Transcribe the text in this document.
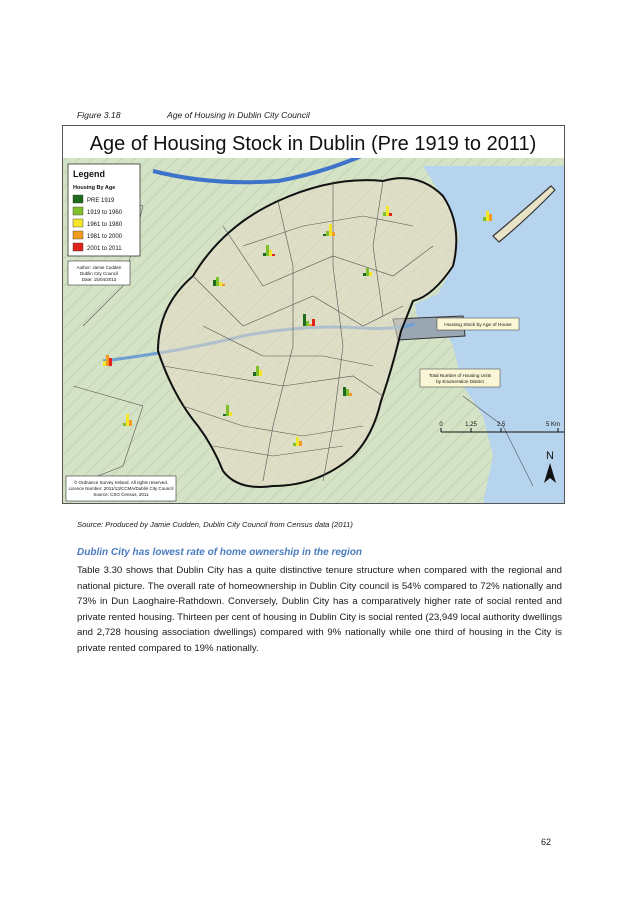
Figure 3.18	Age of Housing in Dublin City Council
Age of Housing Stock in Dublin (Pre 1919 to 2011)
Legend
Housing By Age
PRE 1919
1919 to 1960
1961 to 1980
1981 to 2000
2001 to 2011
Author: Jamie Cudden
Dublin City Council
Date: 15/04/2013
Housing Stock by Age of House
Total Number of Housing Units
by Enumeration District
0	1.25	2.5	5 Km
N
© Ordnance Survey Ireland. All rights reserved.
Licence Number: 2011/13/CCMA/Dublin City Council
Source: CSO Census, 2011
Source: Produced by Jamie Cudden, Dublin City Council from Census data (2011)
Dublin City has lowest rate of home ownership in the region
Table 3.30 shows that Dublin City has a quite distinctive tenure structure when compared with the regional and national picture. The overall rate of homeownership in Dublin City council is 54% compared to 72% nationally and 73% in Dun Laoghaire-Rathdown. Conversely, Dublin City has a comparatively higher rate of social rented and private rented housing. Thirteen per cent of housing in Dublin City is social rented (23,949 local authority dwellings and 2,728 housing association dwellings) compared with 9% nationally while one third of housing in the City is private rented compared to 19% nationally.
62
